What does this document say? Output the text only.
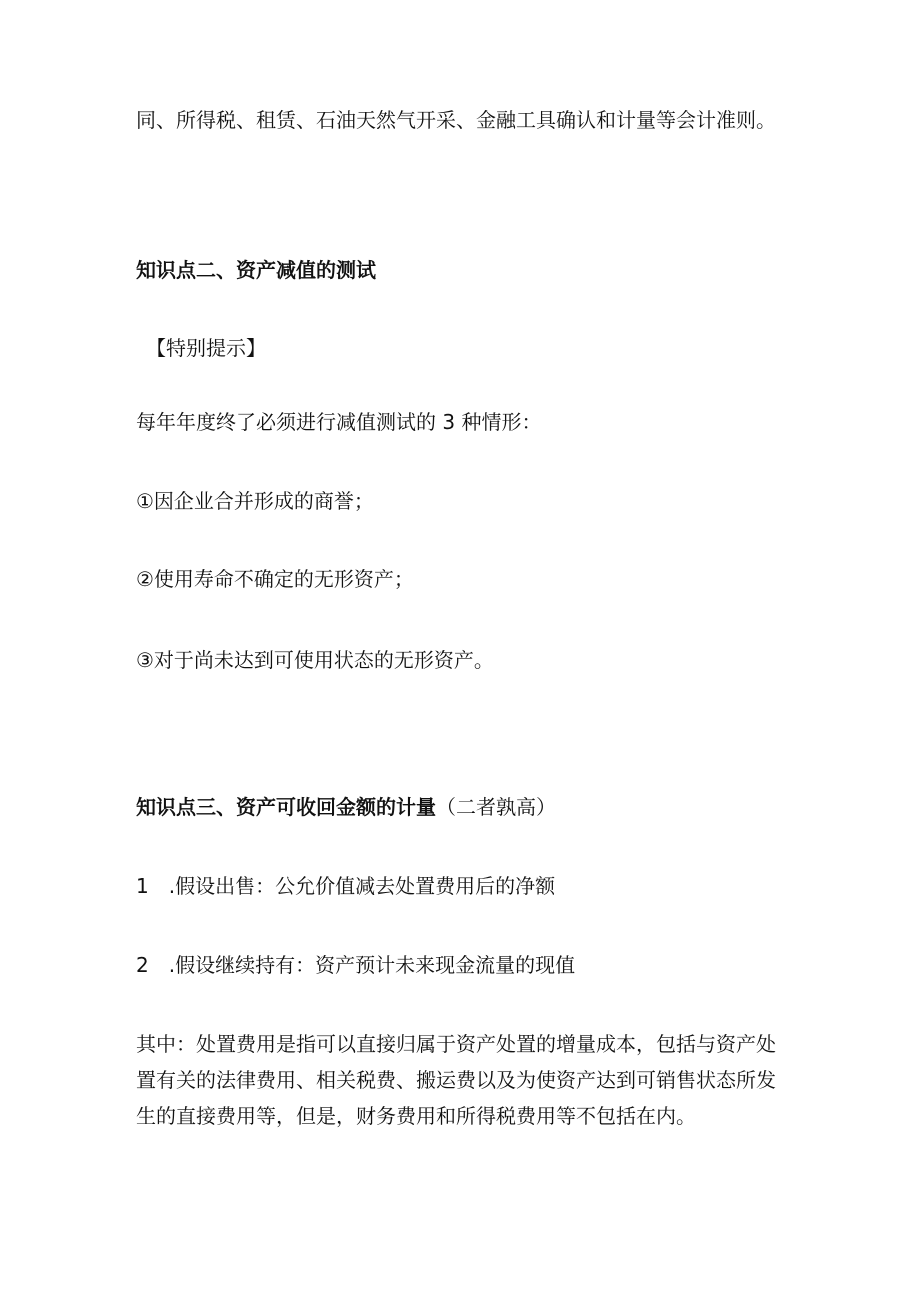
同、所得税、租赁、石油天然气开采、金融工具确认和计量等会计准则。
知识点二、资产减值的测试
【特别提示】
每年年度终了必须进行减值测试的 3 种情形：
①因企业合并形成的商誉；
②使用寿命不确定的无形资产；
③对于尚未达到可使用状态的无形资产。
知识点三、资产可收回金额的计量（二者孰高）
1　.假设出售：公允价值减去处置费用后的净额
2　.假设继续持有：资产预计未来现金流量的现值
其中：处置费用是指可以直接归属于资产处置的增量成本，包括与资产处
置有关的法律费用、相关税费、搬运费以及为使资产达到可销售状态所发
生的直接费用等，但是，财务费用和所得税费用等不包括在内。
